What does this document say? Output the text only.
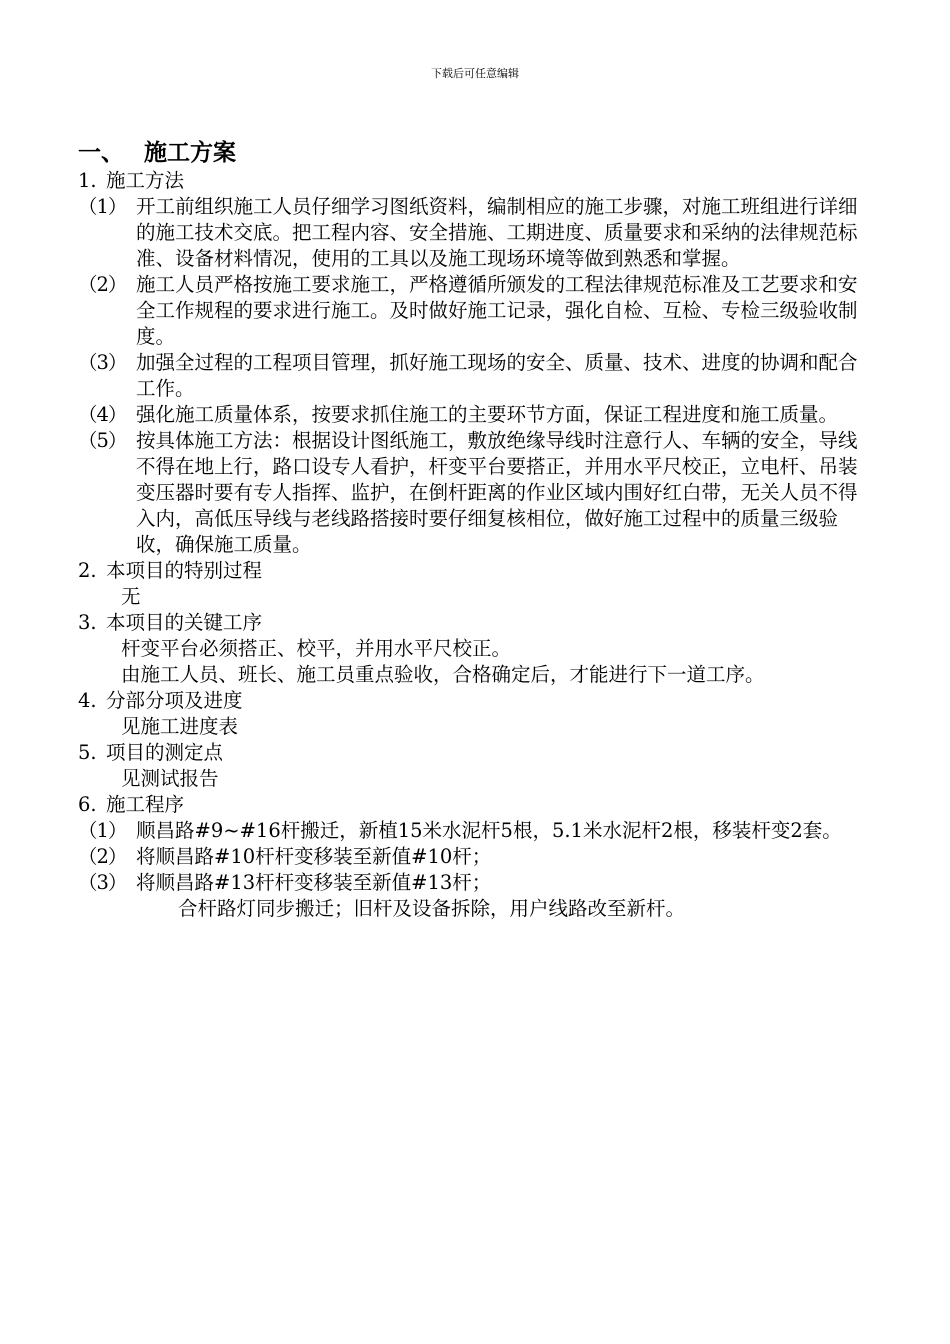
下载后可任意编辑
一、 施工方案
1. 施工方法
（1） 开工前组织施工人员仔细学习图纸资料，编制相应的施工步骤，对施工班组进行详细的施工技术交底。把工程内容、安全措施、工期进度、质量要求和采纳的法律规范标准、设备材料情况，使用的工具以及施工现场环境等做到熟悉和掌握。
（2） 施工人员严格按施工要求施工，严格遵循所颁发的工程法律规范标准及工艺要求和安全工作规程的要求进行施工。及时做好施工记录，强化自检、互检、专检三级验收制度。
（3） 加强全过程的工程项目管理，抓好施工现场的安全、质量、技术、进度的协调和配合工作。
（4） 强化施工质量体系，按要求抓住施工的主要环节方面，保证工程进度和施工质量。
（5） 按具体施工方法：根据设计图纸施工，敷放绝缘导线时注意行人、车辆的安全，导线不得在地上行，路口设专人看护，杆变平台要搭正，并用水平尺校正，立电杆、吊装变压器时要有专人指挥、监护，在倒杆距离的作业区域内围好红白带，无关人员不得入内，高低压导线与老线路搭接时要仔细复核相位，做好施工过程中的质量三级验收，确保施工质量。
2. 本项目的特别过程
无
3. 本项目的关键工序
杆变平台必须搭正、校平，并用水平尺校正。
由施工人员、班长、施工员重点验收，合格确定后，才能进行下一道工序。
4. 分部分项及进度
见施工进度表
5. 项目的测定点
见测试报告
6. 施工程序
（1） 顺昌路#9~#16杆搬迁，新植15米水泥杆5根，5.1米水泥杆2根，移装杆变2套。
（2） 将顺昌路#10杆杆变移装至新值#10杆；
（3） 将顺昌路#13杆杆变移装至新值#13杆；
合杆路灯同步搬迁；旧杆及设备拆除，用户线路改至新杆。
